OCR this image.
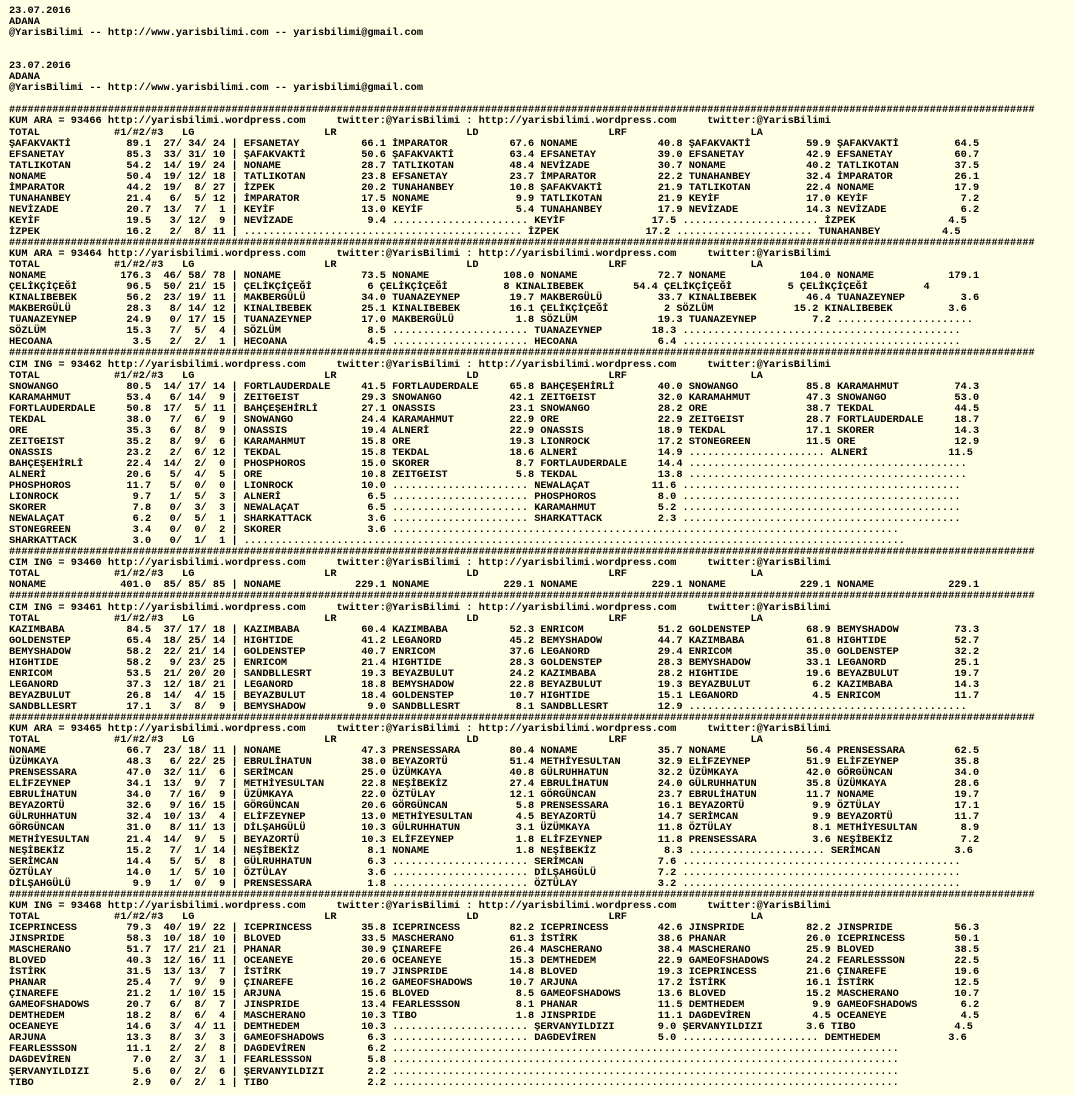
23.07.2016
ADANA
@YarisBilimi -- http://www.yarisbilimi.com -- yarisbilimi@gmail.com
23.07.2016
ADANA
@YarisBilimi -- http://www.yarisbilimi.com -- yarisbilimi@gmail.com
######################################################################################################################################################################
KUM ARA = 93466 http://yarisbilimi.wordpress.com     twitter:@YarisBilimi : http://yarisbilimi.wordpress.com     twitter:@YarisBilimi
TOTAL            #1/#2/#3   LG                     LR                     LD                     LRF                    LA
ŞAFAKVAKTİ         89.1  27/ 34/ 24 | EFSANETAY          66.1 İMPARATOR          67.6 NONAME             40.8 ŞAFAKVAKTİ         59.9 ŞAFAKVAKTİ         64.5
EFSANETAY          85.3  33/ 31/ 10 | ŞAFAKVAKTİ         50.6 ŞAFAKVAKTİ         63.4 EFSANETAY          39.0 EFSANETAY          42.9 EFSANETAY          60.7
TATLIKOTAN         54.2  14/ 19/ 24 | NONAME             28.7 TATLIKOTAN         48.4 NEVİZADE           30.7 NONAME             40.2 TATLIKOTAN         37.5
NONAME             50.4  19/ 12/ 18 | TATLIKOTAN         23.8 EFSANETAY          23.7 İMPARATOR          22.2 TUNAHANBEY         32.4 İMPARATOR          26.1
İMPARATOR          44.2  19/  8/ 27 | İZPEK              20.2 TUNAHANBEY         10.8 ŞAFAKVAKTİ         21.9 TATLIKOTAN         22.4 NONAME             17.9
TUNAHANBEY         21.4   6/  5/ 12 | İMPARATOR          17.5 NONAME              9.9 TATLIKOTAN         21.9 KEYİF              17.0 KEYİF               7.2
NEVİZADE           20.7  13/  7/  1 | KEYİF              13.0 KEYİF               5.4 TUNAHANBEY         17.9 NEVİZADE           14.3 NEVİZADE            6.2
KEYİF              19.5   3/ 12/  9 | NEVİZADE            9.4 ...................... KEYİF              17.5 ...................... İZPEK               4.5
İZPEK              16.2   2/  8/ 11 | ............................................. İZPEK              17.2 ...................... TUNAHANBEY          4.5
######################################################################################################################################################################
KUM ARA = 93464 http://yarisbilimi.wordpress.com     twitter:@YarisBilimi : http://yarisbilimi.wordpress.com     twitter:@YarisBilimi
TOTAL            #1/#2/#3   LG                     LR                     LD                     LRF                    LA
NONAME            176.3  46/ 58/ 78 | NONAME             73.5 NONAME            108.0 NONAME             72.7 NONAME            104.0 NONAME            179.1
ÇELİKÇİÇEĞİ        96.5  50/ 21/ 15 | ÇELİKÇİÇEĞİ         6 ÇELİKÇİÇEĞİ         8 KINALIBEBEK        54.4 ÇELİKÇİÇEĞİ         5 ÇELİKÇİÇEĞİ         4
KINALIBEBEK        56.2  23/ 19/ 11 | MAKBERGÜLÜ         34.0 TUANAZEYNEP        19.7 MAKBERGÜLÜ         33.7 KINALIBEBEK        46.4 TUANAZEYNEP         3.6
MAKBERGÜLÜ         28.3   8/ 14/ 12 | KINALIBEBEK        25.1 KINALIBEBEK        16.1 ÇELİKÇİÇEĞİ         2 SÖZLÜM             15.2 KINALIBEBEK         3.6
TUANAZEYNEP        24.9   0/ 17/ 15 | TUANAZEYNEP        17.0 MAKBERGÜLÜ          1.8 SÖZLÜM             19.3 TUANAZEYNEP         7.2 ......................
SÖZLÜM             15.3   7/  5/  4 | SÖZLÜM              8.5 ...................... TUANAZEYNEP        18.3 .............................................
HECOANA             3.5   2/  2/  1 | HECOANA             4.5 ...................... HECOANA             6.4 .............................................
######################################################################################################################################################################
CIM ING = 93462 http://yarisbilimi.wordpress.com     twitter:@YarisBilimi : http://yarisbilimi.wordpress.com     twitter:@YarisBilimi
TOTAL            #1/#2/#3   LG                     LR                     LD                     LRF                    LA
SNOWANGO           80.5  14/ 17/ 14 | FORTLAUDERDALE     41.5 FORTLAUDERDALE     65.8 BAHÇEŞEHİRLİ       40.0 SNOWANGO           85.8 KARAMAHMUT         74.3
KARAMAHMUT         53.4   6/ 14/  9 | ZEITGEIST          29.3 SNOWANGO           42.1 ZEITGEIST          32.0 KARAMAHMUT         47.3 SNOWANGO           53.0
FORTLAUDERDALE     50.8  17/  5/ 11 | BAHÇEŞEHİRLİ       27.1 ONASSIS            23.1 SNOWANGO           28.2 ORE                38.7 TEKDAL             44.5
TEKDAL             38.0   7/  6/  9 | SNOWANGO           24.4 KARAMAHMUT         22.9 ORE                22.9 ZEITGEIST          28.7 FORTLAUDERDALE     18.7
ORE                35.3   6/  8/  9 | ONASSIS            19.4 ALNERİ             22.9 ONASSIS            18.9 TEKDAL             17.1 SKORER             14.3
ZEITGEIST          35.2   8/  9/  6 | KARAMAHMUT         15.8 ORE                19.3 LIONROCK           17.2 STONEGREEN         11.5 ORE                12.9
ONASSIS            23.2   2/  6/ 12 | TEKDAL             15.8 TEKDAL             18.6 ALNERİ             14.9 ...................... ALNERİ             11.5
BAHÇEŞEHİRLİ       22.4  14/  2/  0 | PHOSPHOROS         15.0 SKORER              8.7 FORTLAUDERDALE     14.4 .............................................
ALNERİ             20.6   5/  4/  5 | ORE                10.8 ZEITGEIST           5.8 TEKDAL             13.8 .............................................
PHOSPHOROS         11.7   5/  0/  0 | LIONROCK           10.0 ...................... NEWALAÇAT          11.6 .............................................
LIONROCK            9.7   1/  5/  3 | ALNERİ              6.5 ...................... PHOSPHOROS          8.0 .............................................
SKORER              7.8   0/  3/  3 | NEWALAÇAT           6.5 ...................... KARAMAHMUT          5.2 .............................................
NEWALAÇAT           6.2   0/  5/  1 | SHARKATTACK         3.6 ...................... SHARKATTACK         2.3 .............................................
STONEGREEN          3.4   0/  0/  2 | SKORER              3.6 ..................................................................................
SHARKATTACK         3.0   0/  1/  1 | ...........................................................................................................
######################################################################################################################################################################
CIM ING = 93460 http://yarisbilimi.wordpress.com     twitter:@YarisBilimi : http://yarisbilimi.wordpress.com     twitter:@YarisBilimi
TOTAL            #1/#2/#3   LG                     LR                     LD                     LRF                    LA
NONAME            401.0  85/ 85/ 85 | NONAME            229.1 NONAME            229.1 NONAME            229.1 NONAME            229.1 NONAME            229.1
######################################################################################################################################################################
CIM ING = 93461 http://yarisbilimi.wordpress.com     twitter:@YarisBilimi : http://yarisbilimi.wordpress.com     twitter:@YarisBilimi
TOTAL            #1/#2/#3   LG                     LR                     LD                     LRF                    LA
KAZIMBABA          84.5  37/ 17/ 18 | KAZIMBABA          60.4 KAZIMBABA          52.3 ENRICOM            51.2 GOLDENSTEP         68.9 BEMYSHADOW         73.3
GOLDENSTEP         65.4  18/ 25/ 14 | HIGHTIDE           41.2 LEGANORD           45.2 BEMYSHADOW         44.7 KAZIMBABA          61.8 HIGHTIDE           52.7
BEMYSHADOW         58.2  22/ 21/ 14 | GOLDENSTEP         40.7 ENRICOM            37.6 LEGANORD           29.4 ENRICOM            35.0 GOLDENSTEP         32.2
HIGHTIDE           58.2   9/ 23/ 25 | ENRICOM            21.4 HIGHTIDE           28.3 GOLDENSTEP         28.3 BEMYSHADOW         33.1 LEGANORD           25.1
ENRICOM            53.5  21/ 20/ 20 | SANDBLLESRT        19.3 BEYAZBULUT         24.2 KAZIMBABA          28.2 HIGHTIDE           19.6 BEYAZBULUT         19.7
LEGANORD           37.3  12/ 18/ 21 | LEGANORD           18.8 BEMYSHADOW         22.8 BEYAZBULUT         19.3 BEYAZBULUT          6.2 KAZIMBABA          14.3
BEYAZBULUT         26.8  14/  4/ 15 | BEYAZBULUT         18.4 GOLDENSTEP         10.7 HIGHTIDE           15.1 LEGANORD            4.5 ENRICOM            11.7
SANDBLLESRT        17.1   3/  8/  9 | BEMYSHADOW          9.0 SANDBLLESRT         8.1 SANDBLLESRT        12.9 .............................................
######################################################################################################################################################################
KUM ARA = 93465 http://yarisbilimi.wordpress.com     twitter:@YarisBilimi : http://yarisbilimi.wordpress.com     twitter:@YarisBilimi
TOTAL            #1/#2/#3   LG                     LR                     LD                     LRF                    LA
NONAME             66.7  23/ 18/ 11 | NONAME             47.3 PRENSESSARA        80.4 NONAME             35.7 NONAME             56.4 PRENSESSARA        62.5
ÜZÜMKAYA           48.3   6/ 22/ 25 | EBRULİHATUN        38.0 BEYAZORTÜ          51.4 METHİYESULTAN      32.9 ELİFZEYNEP         51.9 ELİFZEYNEP         35.8
PRENSESSARA        47.0  32/ 11/  6 | SERİMCAN           25.0 ÜZÜMKAYA           40.8 GÜLRUHHATUN        32.2 ÜZÜMKAYA           42.0 GÖRGÜNCAN          34.0
ELİFZEYNEP         34.1  13/  9/  7 | METHİYESULTAN      22.8 NEŞİBEKİZ          27.4 EBRULİHATUN        24.0 GÜLRUHHATUN        35.8 ÜZÜMKAYA           28.6
EBRULİHATUN        34.0   7/ 16/  9 | ÜZÜMKAYA           22.0 ÖZTÜLAY            12.1 GÖRGÜNCAN          23.7 EBRULİHATUN        11.7 NONAME             19.7
BEYAZORTÜ          32.6   9/ 16/ 15 | GÖRGÜNCAN          20.6 GÖRGÜNCAN           5.8 PRENSESSARA        16.1 BEYAZORTÜ           9.9 ÖZTÜLAY            17.1
GÜLRUHHATUN        32.4  10/ 13/  4 | ELİFZEYNEP         13.0 METHİYESULTAN       4.5 BEYAZORTÜ          14.7 SERİMCAN            9.9 BEYAZORTÜ          11.7
GÖRGÜNCAN          31.0   8/ 11/ 13 | DİLŞAHGÜLÜ         10.3 GÜLRUHHATUN         3.1 ÜZÜMKAYA           11.8 ÖZTÜLAY             8.1 METHİYESULTAN       8.9
METHİYESULTAN      21.4  14/  9/  5 | BEYAZORTÜ          10.3 ELİFZEYNEP          1.8 ELİFZEYNEP         11.8 PRENSESSARA         3.6 NEŞİBEKİZ           7.2
NEŞİBEKİZ          15.2   7/  1/ 14 | NEŞİBEKİZ           8.1 NONAME              1.8 NEŞİBEKİZ           8.3 ...................... SERİMCAN            3.6
SERİMCAN           14.4   5/  5/  8 | GÜLRUHHATUN         6.3 ...................... SERİMCAN            7.6 .............................................
ÖZTÜLAY            14.0   1/  5/ 10 | ÖZTÜLAY             3.6 ...................... DİLŞAHGÜLÜ          7.2 .............................................
DİLŞAHGÜLÜ          9.9   1/  0/  9 | PRENSESSARA         1.8 ...................... ÖZTÜLAY             3.2 .............................................
######################################################################################################################################################################
KUM ING = 93468 http://yarisbilimi.wordpress.com     twitter:@YarisBilimi : http://yarisbilimi.wordpress.com     twitter:@YarisBilimi
TOTAL            #1/#2/#3   LG                     LR                     LD                     LRF                    LA
ICEPRINCESS        79.3  40/ 19/ 22 | ICEPRINCESS        35.8 ICEPRINCESS        82.2 ICEPRINCESS        42.6 JINSPRIDE          82.2 JINSPRIDE          56.3
JINSPRIDE          58.3  10/ 18/ 10 | BLOVED             33.5 MASCHERANO         61.3 İSTİRK             38.6 PHANAR             26.0 ICEPRINCESS        50.1
MASCHERANO         51.7  17/ 21/ 21 | PHANAR             30.9 ÇINAREFE           26.4 MASCHERANO         38.4 MASCHERANO         25.9 BLOVED             38.5
BLOVED             40.3  12/ 16/ 11 | OCEANEYE           20.6 OCEANEYE           15.3 DEMTHEDEM          22.9 GAMEOFSHADOWS      24.2 FEARLESSSON        22.5
İSTİRK             31.5  13/ 13/  7 | İSTİRK             19.7 JINSPRIDE          14.8 BLOVED             19.3 ICEPRINCESS        21.6 ÇINAREFE           19.6
PHANAR             25.4   7/  9/  9 | ÇINAREFE           16.2 GAMEOFSHADOWS      10.7 ARJUNA             17.2 İSTİRK             16.1 İSTİRK             12.5
ÇINAREFE           21.2   1/ 10/ 15 | ARJUNA             15.6 BLOVED              8.5 GAMEOFSHADOWS      13.6 BLOVED             15.2 MASCHERANO         10.7
GAMEOFSHADOWS      20.7   6/  8/  7 | JINSPRIDE          13.4 FEARLESSSON         8.1 PHANAR             11.5 DEMTHEDEM           9.9 GAMEOFSHADOWS       6.2
DEMTHEDEM          18.2   8/  6/  4 | MASCHERANO         10.3 TIBO                1.8 JINSPRIDE          11.1 DAGDEVİREN          4.5 OCEANEYE            4.5
OCEANEYE           14.6   3/  4/ 11 | DEMTHEDEM          10.3 ...................... ŞERVANYILDIZI       9.0 ŞERVANYILDIZI       3.6 TIBO                4.5
ARJUNA             13.3   8/  3/  3 | GAMEOFSHADOWS       6.3 ...................... DAGDEVİREN          5.0 ...................... DEMTHEDEM           3.6
FEARLESSSON        11.1   2/  2/  8 | DAGDEVİREN          6.2 ..................................................................................
DAGDEVİREN          7.0   2/  3/  1 | FEARLESSSON         5.8 ..................................................................................
ŞERVANYILDIZI       5.6   0/  2/  6 | ŞERVANYILDIZI       2.2 ..................................................................................
TIBO                2.9   0/  2/  1 | TIBO                2.2 ..................................................................................
